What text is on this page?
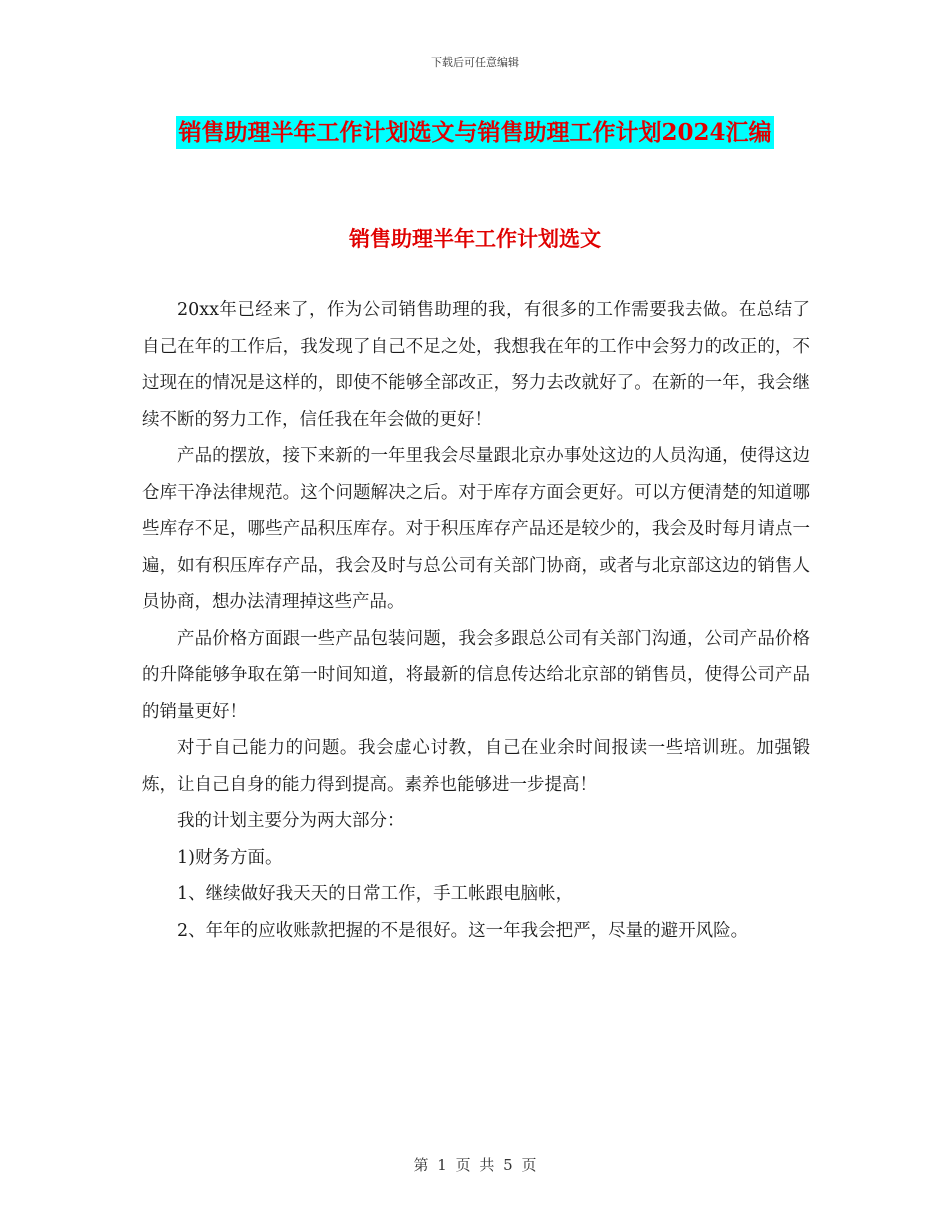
下载后可任意编辑
销售助理半年工作计划选文与销售助理工作计划2024汇编
销售助理半年工作计划选文

20xx年已经来了，作为公司销售助理的我，有很多的工作需要我去做。在总结了自己在年的工作后，我发现了自己不足之处，我想我在年的工作中会努力的改正的，不过现在的情况是这样的，即使不能够全部改正，努力去改就好了。在新的一年，我会继续不断的努力工作，信任我在年会做的更好！

产品的摆放，接下来新的一年里我会尽量跟北京办事处这边的人员沟通，使得这边仓库干净法律规范。这个问题解决之后。对于库存方面会更好。可以方便清楚的知道哪些库存不足，哪些产品积压库存。对于积压库存产品还是较少的，我会及时每月请点一遍，如有积压库存产品，我会及时与总公司有关部门协商，或者与北京部这边的销售人员协商，想办法清理掉这些产品。

产品价格方面跟一些产品包装问题，我会多跟总公司有关部门沟通，公司产品价格的升降能够争取在第一时间知道，将最新的信息传达给北京部的销售员，使得公司产品的销量更好！

对于自己能力的问题。我会虚心讨教，自己在业余时间报读一些培训班。加强锻炼，让自己自身的能力得到提高。素养也能够进一步提高！

我的计划主要分为两大部分：

1)财务方面。

1、继续做好我天天的日常工作，手工帐跟电脑帐，

2、年年的应收账款把握的不是很好。这一年我会把严，尽量的避开风险。

第 1 页 共 5 页
